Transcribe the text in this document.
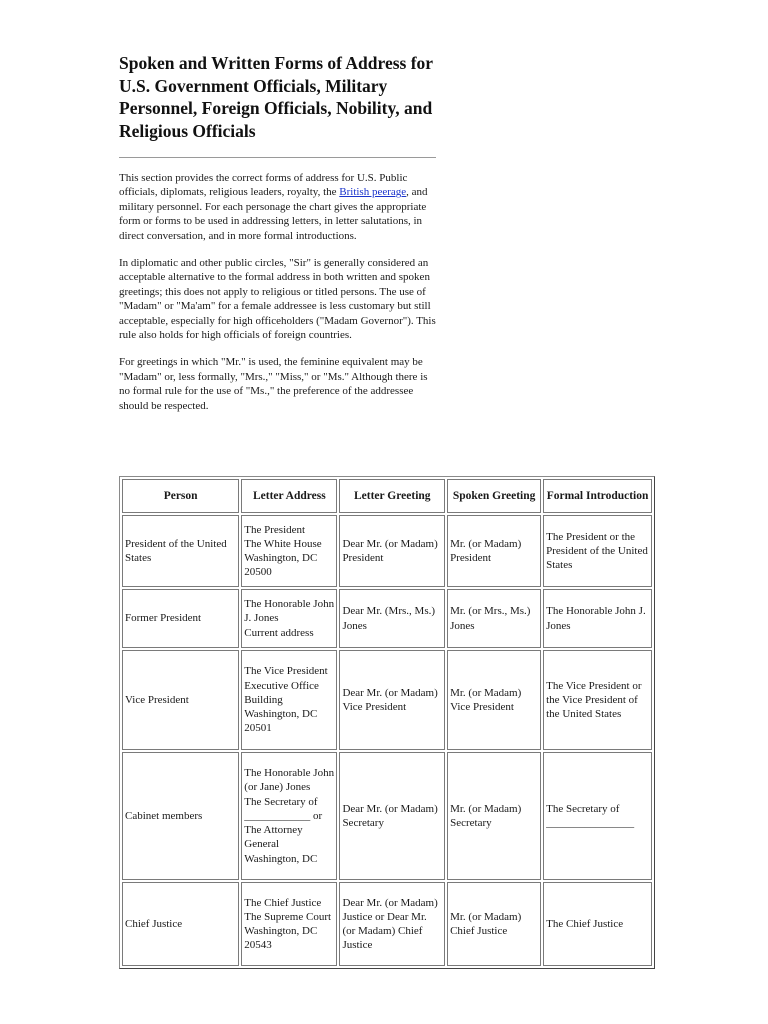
Spoken and Written Forms of Address for U.S. Government Officials, Military Personnel, Foreign Officials, Nobility, and Religious Officials

This section provides the correct forms of address for U.S. Public officials, diplomats, religious leaders, royalty, the British peerage, and military personnel. For each personage the chart gives the appropriate form or forms to be used in addressing letters, in letter salutations, in direct conversation, and in more formal introductions.

In diplomatic and other public circles, "Sir" is generally considered an acceptable alternative to the formal address in both written and spoken greetings; this does not apply to religious or titled persons. The use of "Madam" or "Ma'am" for a female addressee is less customary but still acceptable, especially for high officeholders ("Madam Governor"). This rule also holds for high officials of foreign countries.

For greetings in which "Mr." is used, the feminine equivalent may be "Madam" or, less formally, "Mrs.," "Miss," or "Ms." Although there is no formal rule for the use of "Ms.," the preference of the addressee should be respected.

Person	Letter Address	Letter Greeting	Spoken Greeting	Formal Introduction
President of the United States	The President
The White House
Washington, DC 20500	Dear Mr. (or Madam) President	Mr. (or Madam) President	The President or the President of the United States
Former President	The Honorable John J. Jones
Current address	Dear Mr. (Mrs., Ms.) Jones	Mr. (or Mrs., Ms.) Jones	The Honorable John J. Jones
Vice President	The Vice President
Executive Office Building
Washington, DC 20501	Dear Mr. (or Madam) Vice President	Mr. (or Madam) Vice President	The Vice President or the Vice President of the United States
Cabinet members	The Honorable John (or Jane) Jones
The Secretary of ____________ or
The Attorney General
Washington, DC	Dear Mr. (or Madam) Secretary	Mr. (or Madam) Secretary	The Secretary of ________________
Chief Justice	The Chief Justice
The Supreme Court
Washington, DC 20543	Dear Mr. (or Madam) Justice or Dear Mr. (or Madam) Chief Justice	Mr. (or Madam) Chief Justice	The Chief Justice
